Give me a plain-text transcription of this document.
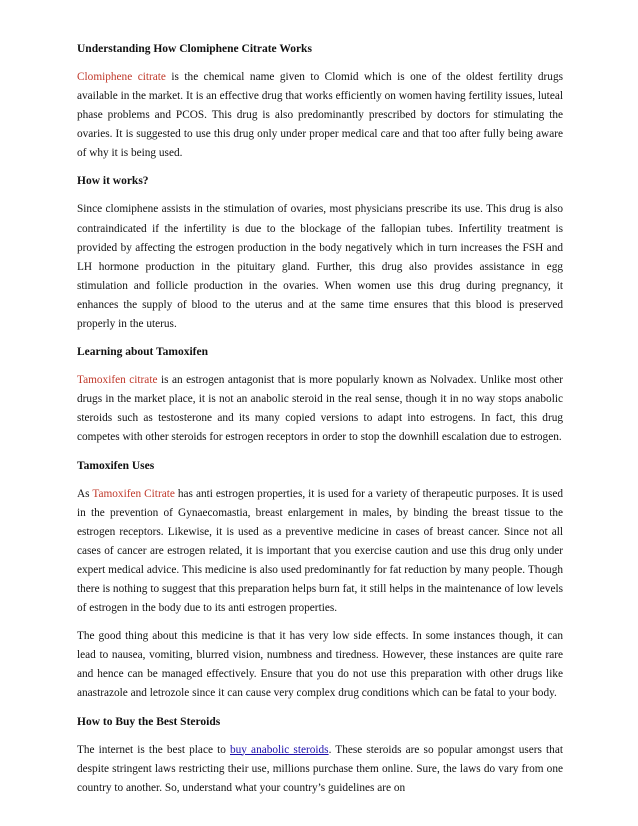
Understanding How Clomiphene Citrate Works

Clomiphene citrate is the chemical name given to Clomid which is one of the oldest fertility drugs available in the market. It is an effective drug that works efficiently on women having fertility issues, luteal phase problems and PCOS. This drug is also predominantly prescribed by doctors for stimulating the ovaries. It is suggested to use this drug only under proper medical care and that too after fully being aware of why it is being used.

How it works?

Since clomiphene assists in the stimulation of ovaries, most physicians prescribe its use. This drug is also contraindicated if the infertility is due to the blockage of the fallopian tubes. Infertility treatment is provided by affecting the estrogen production in the body negatively which in turn increases the FSH and LH hormone production in the pituitary gland. Further, this drug also provides assistance in egg stimulation and follicle production in the ovaries. When women use this drug during pregnancy, it enhances the supply of blood to the uterus and at the same time ensures that this blood is preserved properly in the uterus.

Learning about Tamoxifen

Tamoxifen citrate is an estrogen antagonist that is more popularly known as Nolvadex. Unlike most other drugs in the market place, it is not an anabolic steroid in the real sense, though it in no way stops anabolic steroids such as testosterone and its many copied versions to adapt into estrogens. In fact, this drug competes with other steroids for estrogen receptors in order to stop the downhill escalation due to estrogen.

Tamoxifen Uses

As Tamoxifen Citrate has anti estrogen properties, it is used for a variety of therapeutic purposes. It is used in the prevention of Gynaecomastia, breast enlargement in males, by binding the breast tissue to the estrogen receptors. Likewise, it is used as a preventive medicine in cases of breast cancer. Since not all cases of cancer are estrogen related, it is important that you exercise caution and use this drug only under expert medical advice. This medicine is also used predominantly for fat reduction by many people. Though there is nothing to suggest that this preparation helps burn fat, it still helps in the maintenance of low levels of estrogen in the body due to its anti estrogen properties.

The good thing about this medicine is that it has very low side effects. In some instances though, it can lead to nausea, vomiting, blurred vision, numbness and tiredness. However, these instances are quite rare and hence can be managed effectively. Ensure that you do not use this preparation with other drugs like anastrazole and letrozole since it can cause very complex drug conditions which can be fatal to your body.

How to Buy the Best Steroids

The internet is the best place to buy anabolic steroids. These steroids are so popular amongst users that despite stringent laws restricting their use, millions purchase them online. Sure, the laws do vary from one country to another. So, understand what your country’s guidelines are on
